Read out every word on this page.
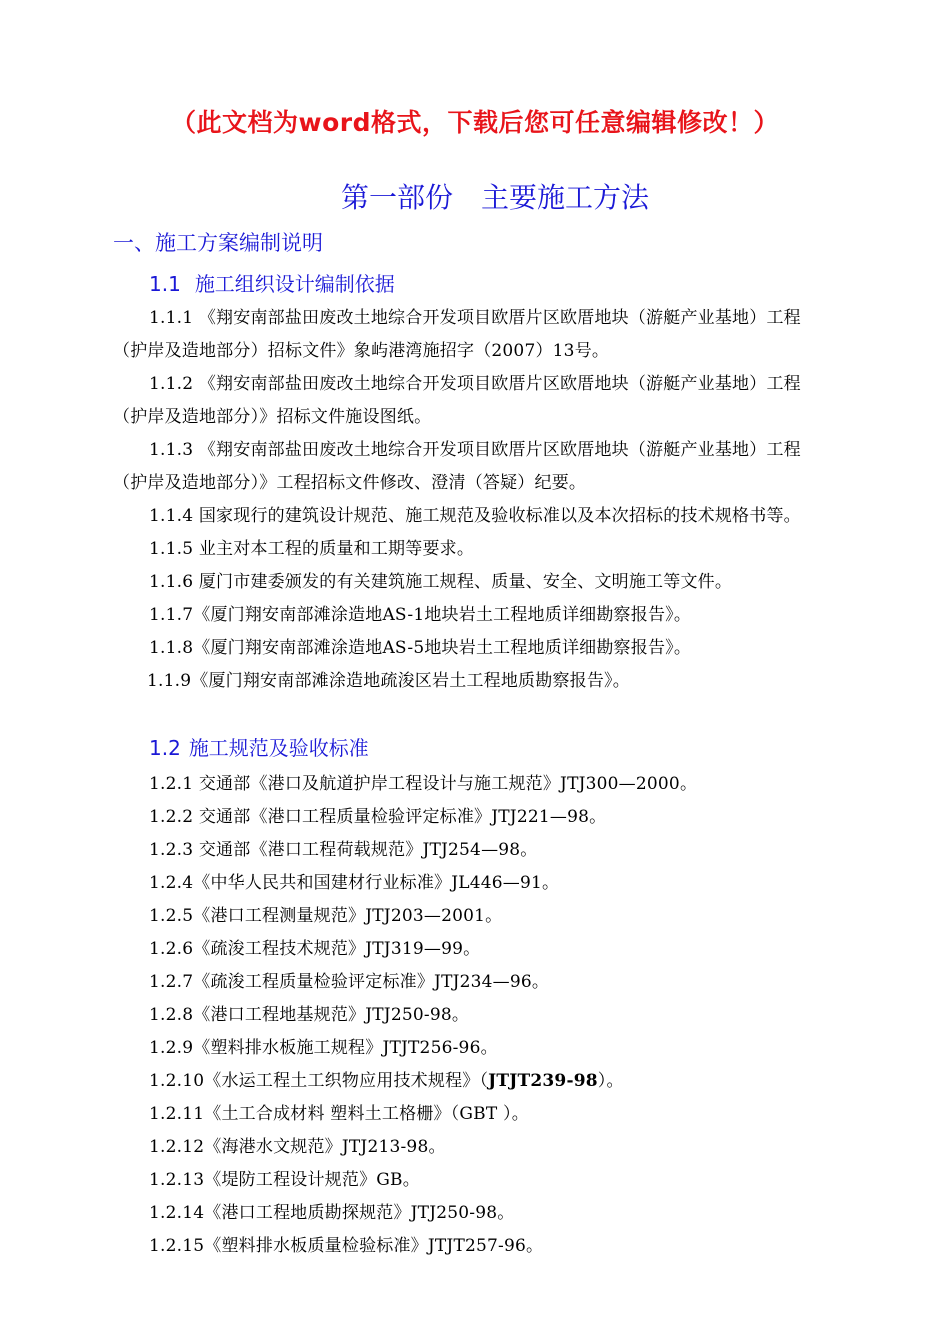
（此文档为word格式，下载后您可任意编辑修改！）
第一部份 主要施工方法
一、施工方案编制说明
1.1 施工组织设计编制依据
1.1.1 《翔安南部盐田废改土地综合开发项目欧厝片区欧厝地块（游艇产业基地）工程
（护岸及造地部分）招标文件》象屿港湾施招字（2007）13号。
1.1.2 《翔安南部盐田废改土地综合开发项目欧厝片区欧厝地块（游艇产业基地）工程
（护岸及造地部分）》招标文件施设图纸。
1.1.3 《翔安南部盐田废改土地综合开发项目欧厝片区欧厝地块（游艇产业基地）工程
（护岸及造地部分）》工程招标文件修改、澄清（答疑）纪要。
1.1.4 国家现行的建筑设计规范、施工规范及验收标准以及本次招标的技术规格书等。
1.1.5 业主对本工程的质量和工期等要求。
1.1.6 厦门市建委颁发的有关建筑施工规程、质量、安全、文明施工等文件。
1.1.7《厦门翔安南部滩涂造地AS-1地块岩土工程地质详细勘察报告》。
1.1.8《厦门翔安南部滩涂造地AS-5地块岩土工程地质详细勘察报告》。
1.1.9《厦门翔安南部滩涂造地疏浚区岩土工程地质勘察报告》。
1.2 施工规范及验收标准
1.2.1 交通部《港口及航道护岸工程设计与施工规范》JTJ300—2000。
1.2.2 交通部《港口工程质量检验评定标准》JTJ221—98。
1.2.3 交通部《港口工程荷载规范》JTJ254—98。
1.2.4《中华人民共和国建材行业标准》JL446—91。
1.2.5《港口工程测量规范》JTJ203—2001。
1.2.6《疏浚工程技术规范》JTJ319—99。
1.2.7《疏浚工程质量检验评定标准》JTJ234—96。
1.2.8《港口工程地基规范》JTJ250-98。
1.2.9《塑料排水板施工规程》JTJT256-96。
1.2.10《水运工程土工织物应用技术规程》（JTJT239-98）。
1.2.11《土工合成材料 塑料土工格栅》（GBT ）。
1.2.12《海港水文规范》JTJ213-98。
1.2.13《堤防工程设计规范》GB。
1.2.14《港口工程地质勘探规范》JTJ250-98。
1.2.15《塑料排水板质量检验标准》JTJT257-96。
